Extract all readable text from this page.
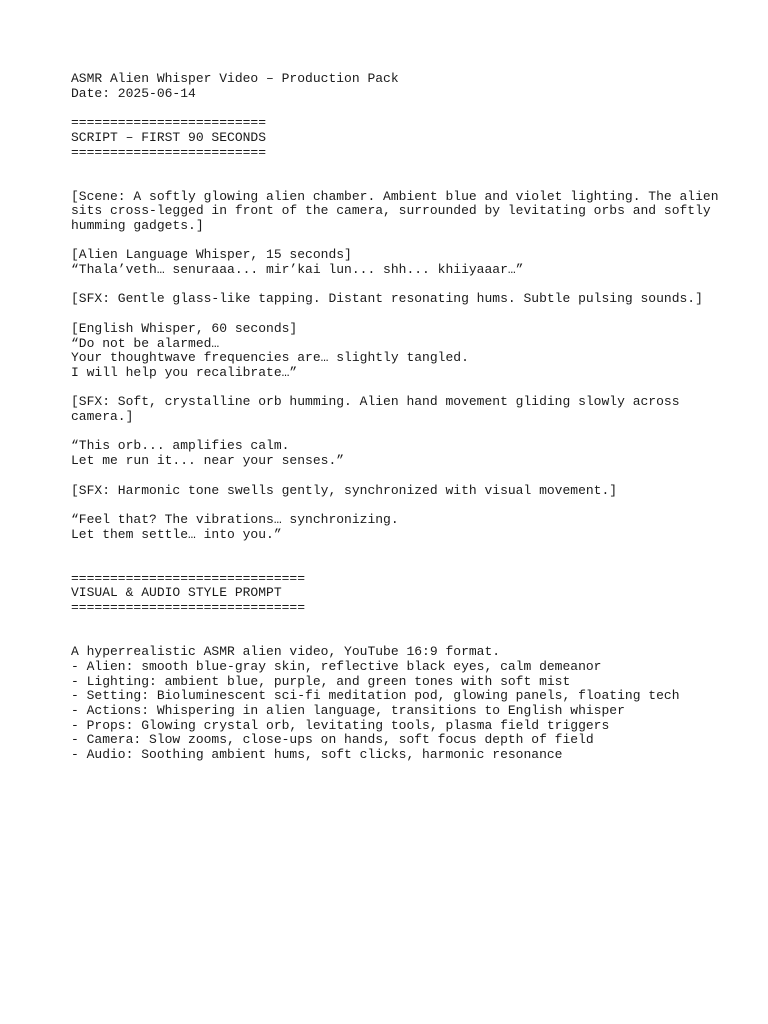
ASMR Alien Whisper Video – Production Pack
Date: 2025-06-14
=========================
SCRIPT – FIRST 90 SECONDS
=========================
[Scene: A softly glowing alien chamber. Ambient blue and violet lighting. The alien
sits cross-legged in front of the camera, surrounded by levitating orbs and softly
humming gadgets.]
[Alien Language Whisper, 15 seconds]
“Thala’veth… senuraaa... mir’kai lun... shh... khiiyaaar…”
[SFX: Gentle glass-like tapping. Distant resonating hums. Subtle pulsing sounds.]
[English Whisper, 60 seconds]
“Do not be alarmed…
Your thoughtwave frequencies are… slightly tangled.
I will help you recalibrate…”
[SFX: Soft, crystalline orb humming. Alien hand movement gliding slowly across
camera.]
“This orb... amplifies calm.
Let me run it... near your senses.”
[SFX: Harmonic tone swells gently, synchronized with visual movement.]
“Feel that? The vibrations… synchronizing.
Let them settle… into you.”
==============================
VISUAL & AUDIO STYLE PROMPT
==============================
A hyperrealistic ASMR alien video, YouTube 16:9 format.
- Alien: smooth blue-gray skin, reflective black eyes, calm demeanor
- Lighting: ambient blue, purple, and green tones with soft mist
- Setting: Bioluminescent sci-fi meditation pod, glowing panels, floating tech
- Actions: Whispering in alien language, transitions to English whisper
- Props: Glowing crystal orb, levitating tools, plasma field triggers
- Camera: Slow zooms, close-ups on hands, soft focus depth of field
- Audio: Soothing ambient hums, soft clicks, harmonic resonance
